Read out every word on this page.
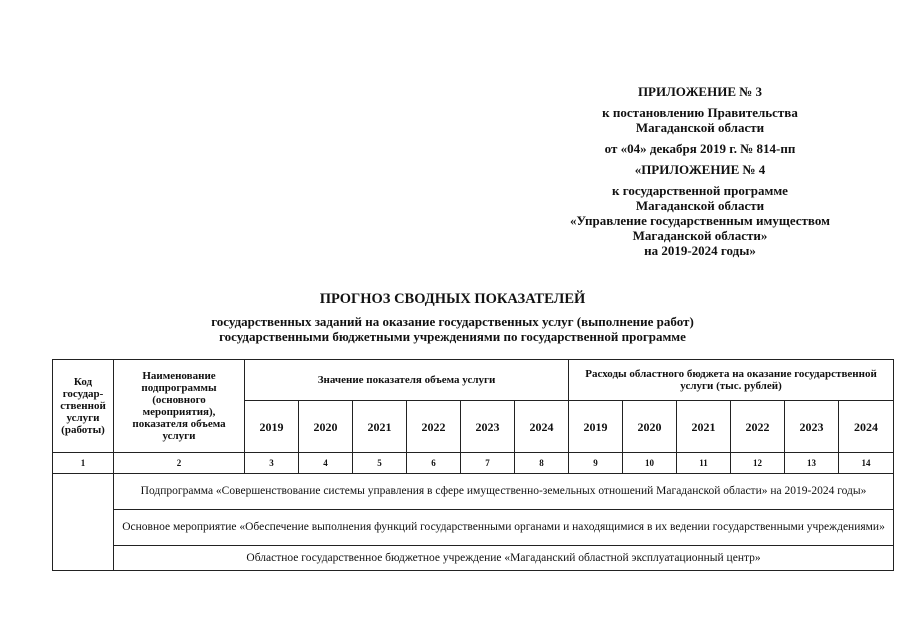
ПРИЛОЖЕНИЕ № 3
к постановлению Правительства
Магаданской области
от «04» декабря 2019 г. № 814-пп
«ПРИЛОЖЕНИЕ № 4
к государственной программе
Магаданской области
«Управление государственным имуществом
Магаданской области»
на 2019-2024 годы»
ПРОГНОЗ СВОДНЫХ ПОКАЗАТЕЛЕЙ
государственных заданий на оказание государственных услуг (выполнение работ)
государственными бюджетными учреждениями по государственной программе
Код государ-ственной услуги (работы)	Наименование подпрограммы (основного мероприятия), показателя объема услуги	Значение показателя объема услуги						Расходы областного бюджета на оказание государственной услуги (тыс. рублей)					
		2019	2020	2021	2022	2023	2024	2019	2020	2021	2022	2023	2024
1	2	3	4	5	6	7	8	9	10	11	12	13	14
	Подпрограмма «Совершенствование системы управления в сфере имущественно-земельных отношений Магаданской области» на 2019-2024 годы»												
	Основное мероприятие «Обеспечение выполнения функций государственными органами и находящимися в их ведении государственными учреждениями»												
	Областное государственное бюджетное учреждение «Магаданский областной эксплуатационный центр»												
